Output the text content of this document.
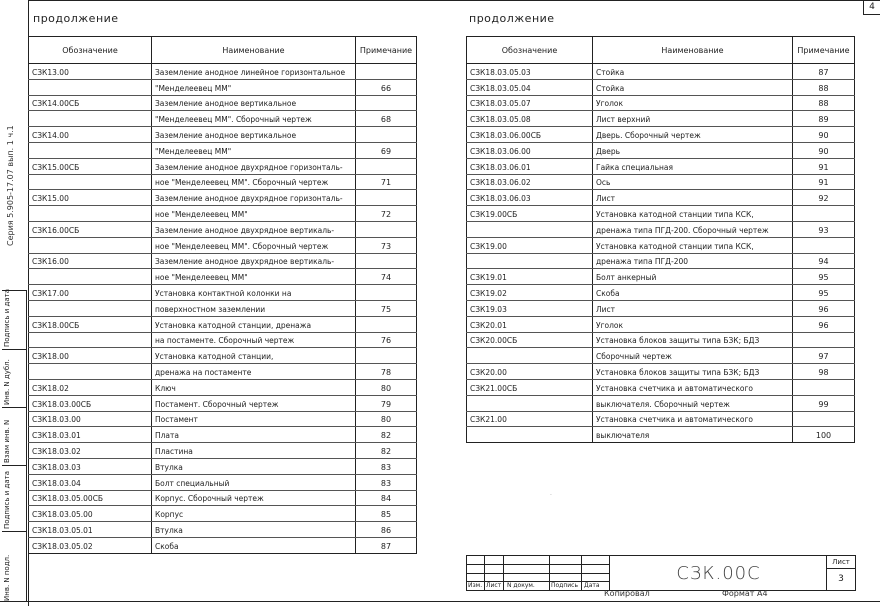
4
Серия 5.905-17.07 вып. 1 ч.1
Подпись и дата
Инв. N дубл.
Взам инв. N
Подпись и дата
Инв. N подл.
продолжение	продолжение
Обозначение	Наименование	Примечание
СЗК13.00	Заземление анодное линейное горизонтальное	
	"Менделеевец ММ"	66
СЗК14.00СБ	Заземление анодное вертикальное	
	"Менделеевец ММ". Сборочный чертеж	68
СЗК14.00	Заземление анодное вертикальное	
	"Менделеевец ММ"	69
СЗК15.00СБ	Заземление анодное двухрядное горизонталь-	
	ное "Менделеевец ММ". Сборочный чертеж	71
СЗК15.00	Заземление анодное двухрядное горизонталь-	
	ное "Менделеевец ММ"	72
СЗК16.00СБ	Заземление анодное двухрядное вертикаль-	
	ное "Менделеевец ММ". Сборочный чертеж	73
СЗК16.00	Заземление анодное двухрядное вертикаль-	
	ное "Менделеевец ММ"	74
СЗК17.00	Установка контактной колонки на	
	поверхностном заземлении	75
СЗК18.00СБ	Установка катодной станции, дренажа	
	на постаменте. Сборочный чертеж	76
СЗК18.00	Установка катодной станции,	
	дренажа на постаменте	78
СЗК18.02	Ключ	80
СЗК18.03.00СБ	Постамент. Сборочный чертеж	79
СЗК18.03.00	Постамент	80
СЗК18.03.01	Плата	82
СЗК18.03.02	Пластина	82
СЗК18.03.03	Втулка	83
СЗК18.03.04	Болт специальный	83
СЗК18.03.05.00СБ	Корпус. Сборочный чертеж	84
СЗК18.03.05.00	Корпус	85
СЗК18.03.05.01	Втулка	86
СЗК18.03.05.02	Скоба	87
Обозначение	Наименование	Примечание
СЗК18.03.05.03	Стойка	87
СЗК18.03.05.04	Стойка	88
СЗК18.03.05.07	Уголок	88
СЗК18.03.05.08	Лист верхний	89
СЗК18.03.06.00СБ	Дверь. Сборочный чертеж	90
СЗК18.03.06.00	Дверь	90
СЗК18.03.06.01	Гайка специальная	91
СЗК18.03.06.02	Ось	91
СЗК18.03.06.03	Лист	92
СЗК19.00СБ	Установка катодной станции типа КСК,	
	дренажа типа ПГД-200. Сборочный чертеж	93
СЗК19.00	Установка катодной станции типа КСК,	
	дренажа типа ПГД-200	94
СЗК19.01	Болт анкерный	95
СЗК19.02	Скоба	95
СЗК19.03	Лист	96
СЗК20.01	Уголок	96
СЗК20.00СБ	Установка блоков защиты типа БЗК; БДЗ	
	Сборочный чертеж	97
СЗК20.00	Установка блоков защиты типа БЗК; БДЗ	98
СЗК21.00СБ	Установка счетчика и автоматического	
	выключателя. Сборочный чертеж	99
СЗК21.00	Установка счетчика и автоматического	
	выключателя	100
·
Изм. Лист N докум.	Подпись Дата
СЗК.00С
Лист
3
Копировал	Формат А4
